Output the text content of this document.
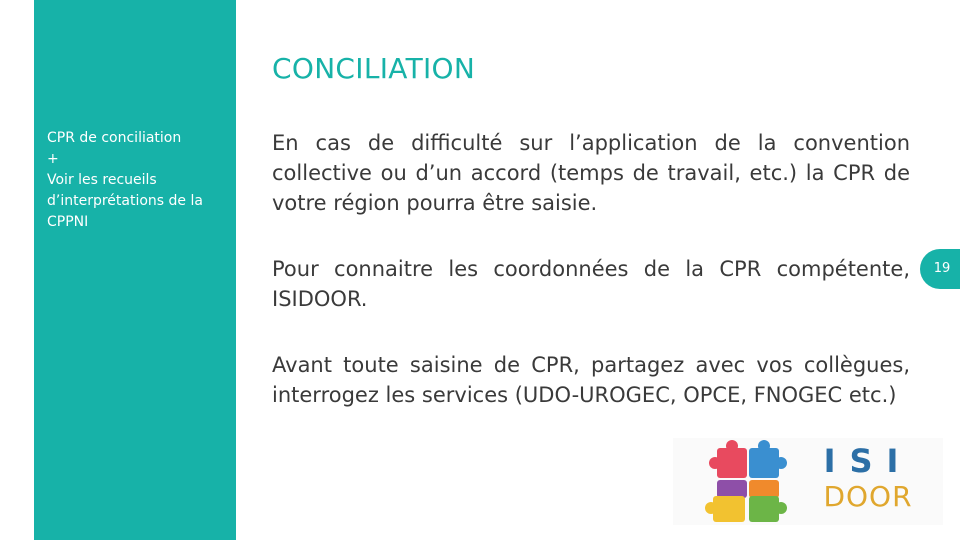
CPR de conciliation
+
Voir les recueils
d’interprétations de la
CPPNI
CONCILIATION

En cas de difficulté sur l’application de la convention collective ou d’un accord (temps de travail, etc.) la CPR de votre région pourra être saisie.

Pour connaitre les coordonnées de la CPR compétente, ISIDOOR.

Avant toute saisine de CPR, partagez avec vos collègues, interrogez les services (UDO-UROGEC, OPCE, FNOGEC etc.)

19
ISI
DOOR
